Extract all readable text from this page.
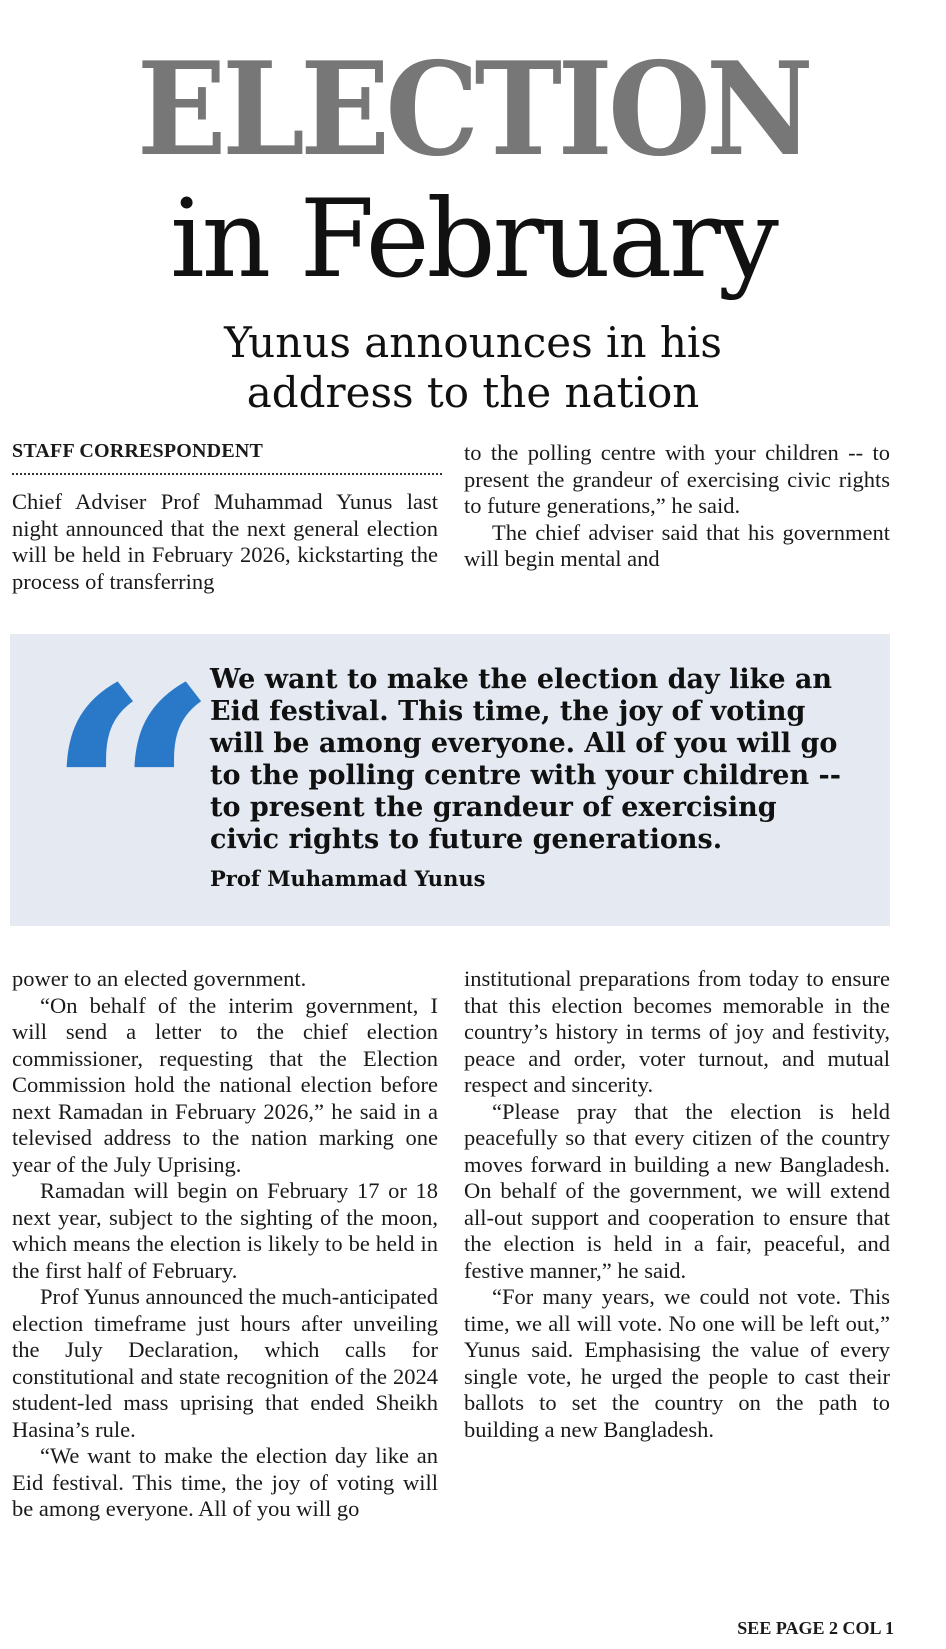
ELECTION
in February
Yunus announces in his
address to the nation
STAFF CORRESPONDENT

Chief Adviser Prof Muhammad Yunus last night announced that the next general election will be held in February 2026, kickstarting the process of transferring

to the polling centre with your children -- to present the grandeur of exercising civic rights to future generations,” he said.

The chief adviser said that his government will begin mental and

“
We want to make the election day like an Eid festival. This time, the joy of voting will be among everyone. All of you will go to the polling centre with your children -- to present the grandeur of exercising civic rights to future generations.
Prof Muhammad Yunus

power to an elected government.

“On behalf of the interim government, I will send a letter to the chief election commissioner, requesting that the Election Commission hold the national election before next Ramadan in February 2026,” he said in a televised address to the nation marking one year of the July Uprising.

Ramadan will begin on February 17 or 18 next year, subject to the sighting of the moon, which means the election is likely to be held in the first half of February.

Prof Yunus announced the much-anticipated election timeframe just hours after unveiling the July Declaration, which calls for constitutional and state recognition of the 2024 student-led mass uprising that ended Sheikh Hasina’s rule.

“We want to make the election day like an Eid festival. This time, the joy of voting will be among everyone. All of you will go

institutional preparations from today to ensure that this election becomes memorable in the country’s history in terms of joy and festivity, peace and order, voter turnout, and mutual respect and sincerity.

“Please pray that the election is held peacefully so that every citizen of the country moves forward in building a new Bangladesh. On behalf of the government, we will extend all-out support and cooperation to ensure that the election is held in a fair, peaceful, and festive manner,” he said.

“For many years, we could not vote. This time, we all will vote. No one will be left out,” Yunus said. Emphasising the value of every single vote, he urged the people to cast their ballots to set the country on the path to building a new Bangladesh.

SEE PAGE 2 COL 1
